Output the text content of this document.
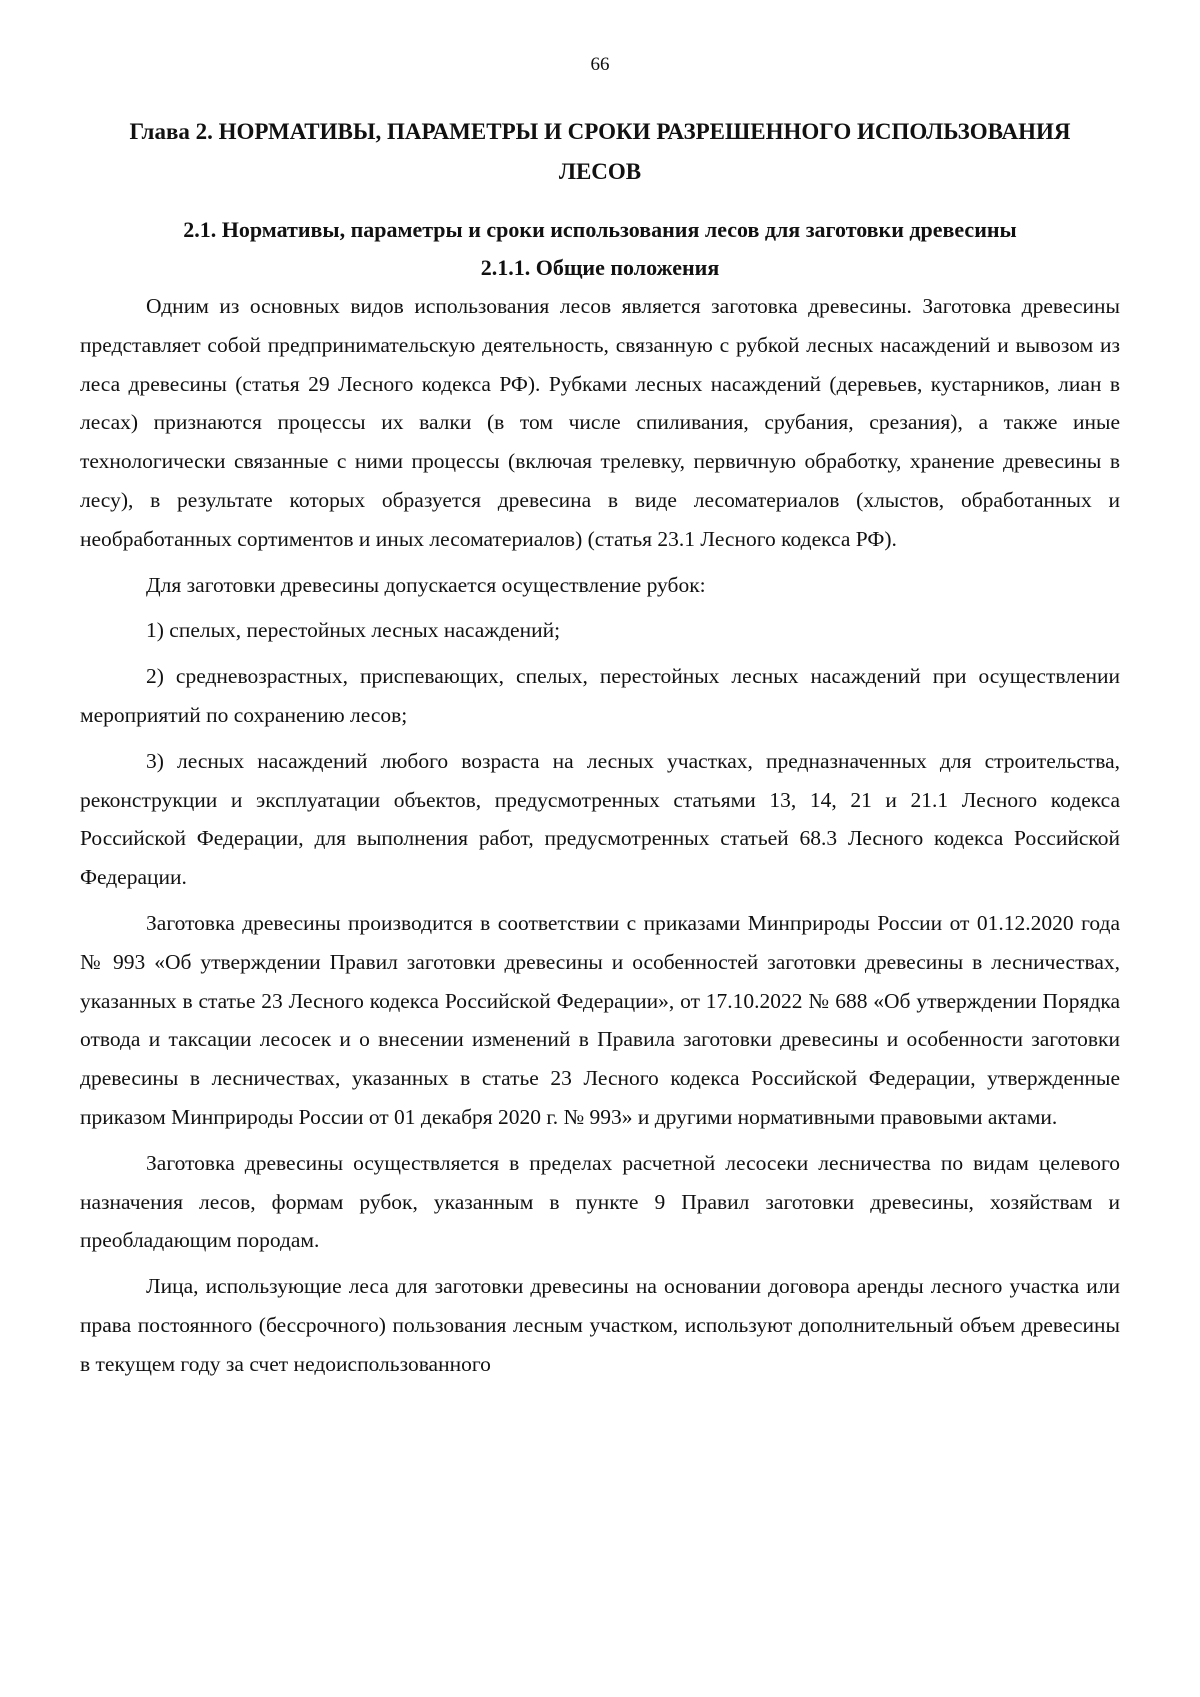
66
Глава 2. НОРМАТИВЫ, ПАРАМЕТРЫ И СРОКИ РАЗРЕШЕННОГО ИСПОЛЬЗОВАНИЯ ЛЕСОВ
2.1. Нормативы, параметры и сроки использования лесов для заготовки древесины
2.1.1. Общие положения

Одним из основных видов использования лесов является заготовка древесины. Заготовка древесины представляет собой предпринимательскую деятельность, связанную с рубкой лесных насаждений и вывозом из леса древесины (статья 29 Лесного кодекса РФ). Рубками лесных насаждений (деревьев, кустарников, лиан в лесах) признаются процессы их валки (в том числе спиливания, срубания, срезания), а также иные технологически связанные с ними процессы (включая трелевку, первичную обработку, хранение древесины в лесу), в результате которых образуется древесина в виде лесоматериалов (хлыстов, обработанных и необработанных сортиментов и иных лесоматериалов) (статья 23.1 Лесного кодекса РФ).

Для заготовки древесины допускается осуществление рубок:

1) спелых, перестойных лесных насаждений;

2) средневозрастных, приспевающих, спелых, перестойных лесных насаждений при осуществлении мероприятий по сохранению лесов;

3) лесных насаждений любого возраста на лесных участках, предназначенных для строительства, реконструкции и эксплуатации объектов, предусмотренных статьями 13, 14, 21 и 21.1 Лесного кодекса Российской Федерации, для выполнения работ, предусмотренных статьей 68.3 Лесного кодекса Российской Федерации.

Заготовка древесины производится в соответствии с приказами Минприроды России от 01.12.2020 года № 993 «Об утверждении Правил заготовки древесины и особенностей заготовки древесины в лесничествах, указанных в статье 23 Лесного кодекса Российской Федерации», от 17.10.2022 № 688 «Об утверждении Порядка отвода и таксации лесосек и о внесении изменений в Правила заготовки древесины и особенности заготовки древесины в лесничествах, указанных в статье 23 Лесного кодекса Российской Федерации, утвержденные приказом Минприроды России от 01 декабря 2020 г. № 993» и другими нормативными правовыми актами.

Заготовка древесины осуществляется в пределах расчетной лесосеки лесничества по видам целевого назначения лесов, формам рубок, указанным в пункте 9 Правил заготовки древесины, хозяйствам и преобладающим породам.

Лица, использующие леса для заготовки древесины на основании договора аренды лесного участка или права постоянного (бессрочного) пользования лесным участком, используют дополнительный объем древесины в текущем году за счет недоиспользованного
